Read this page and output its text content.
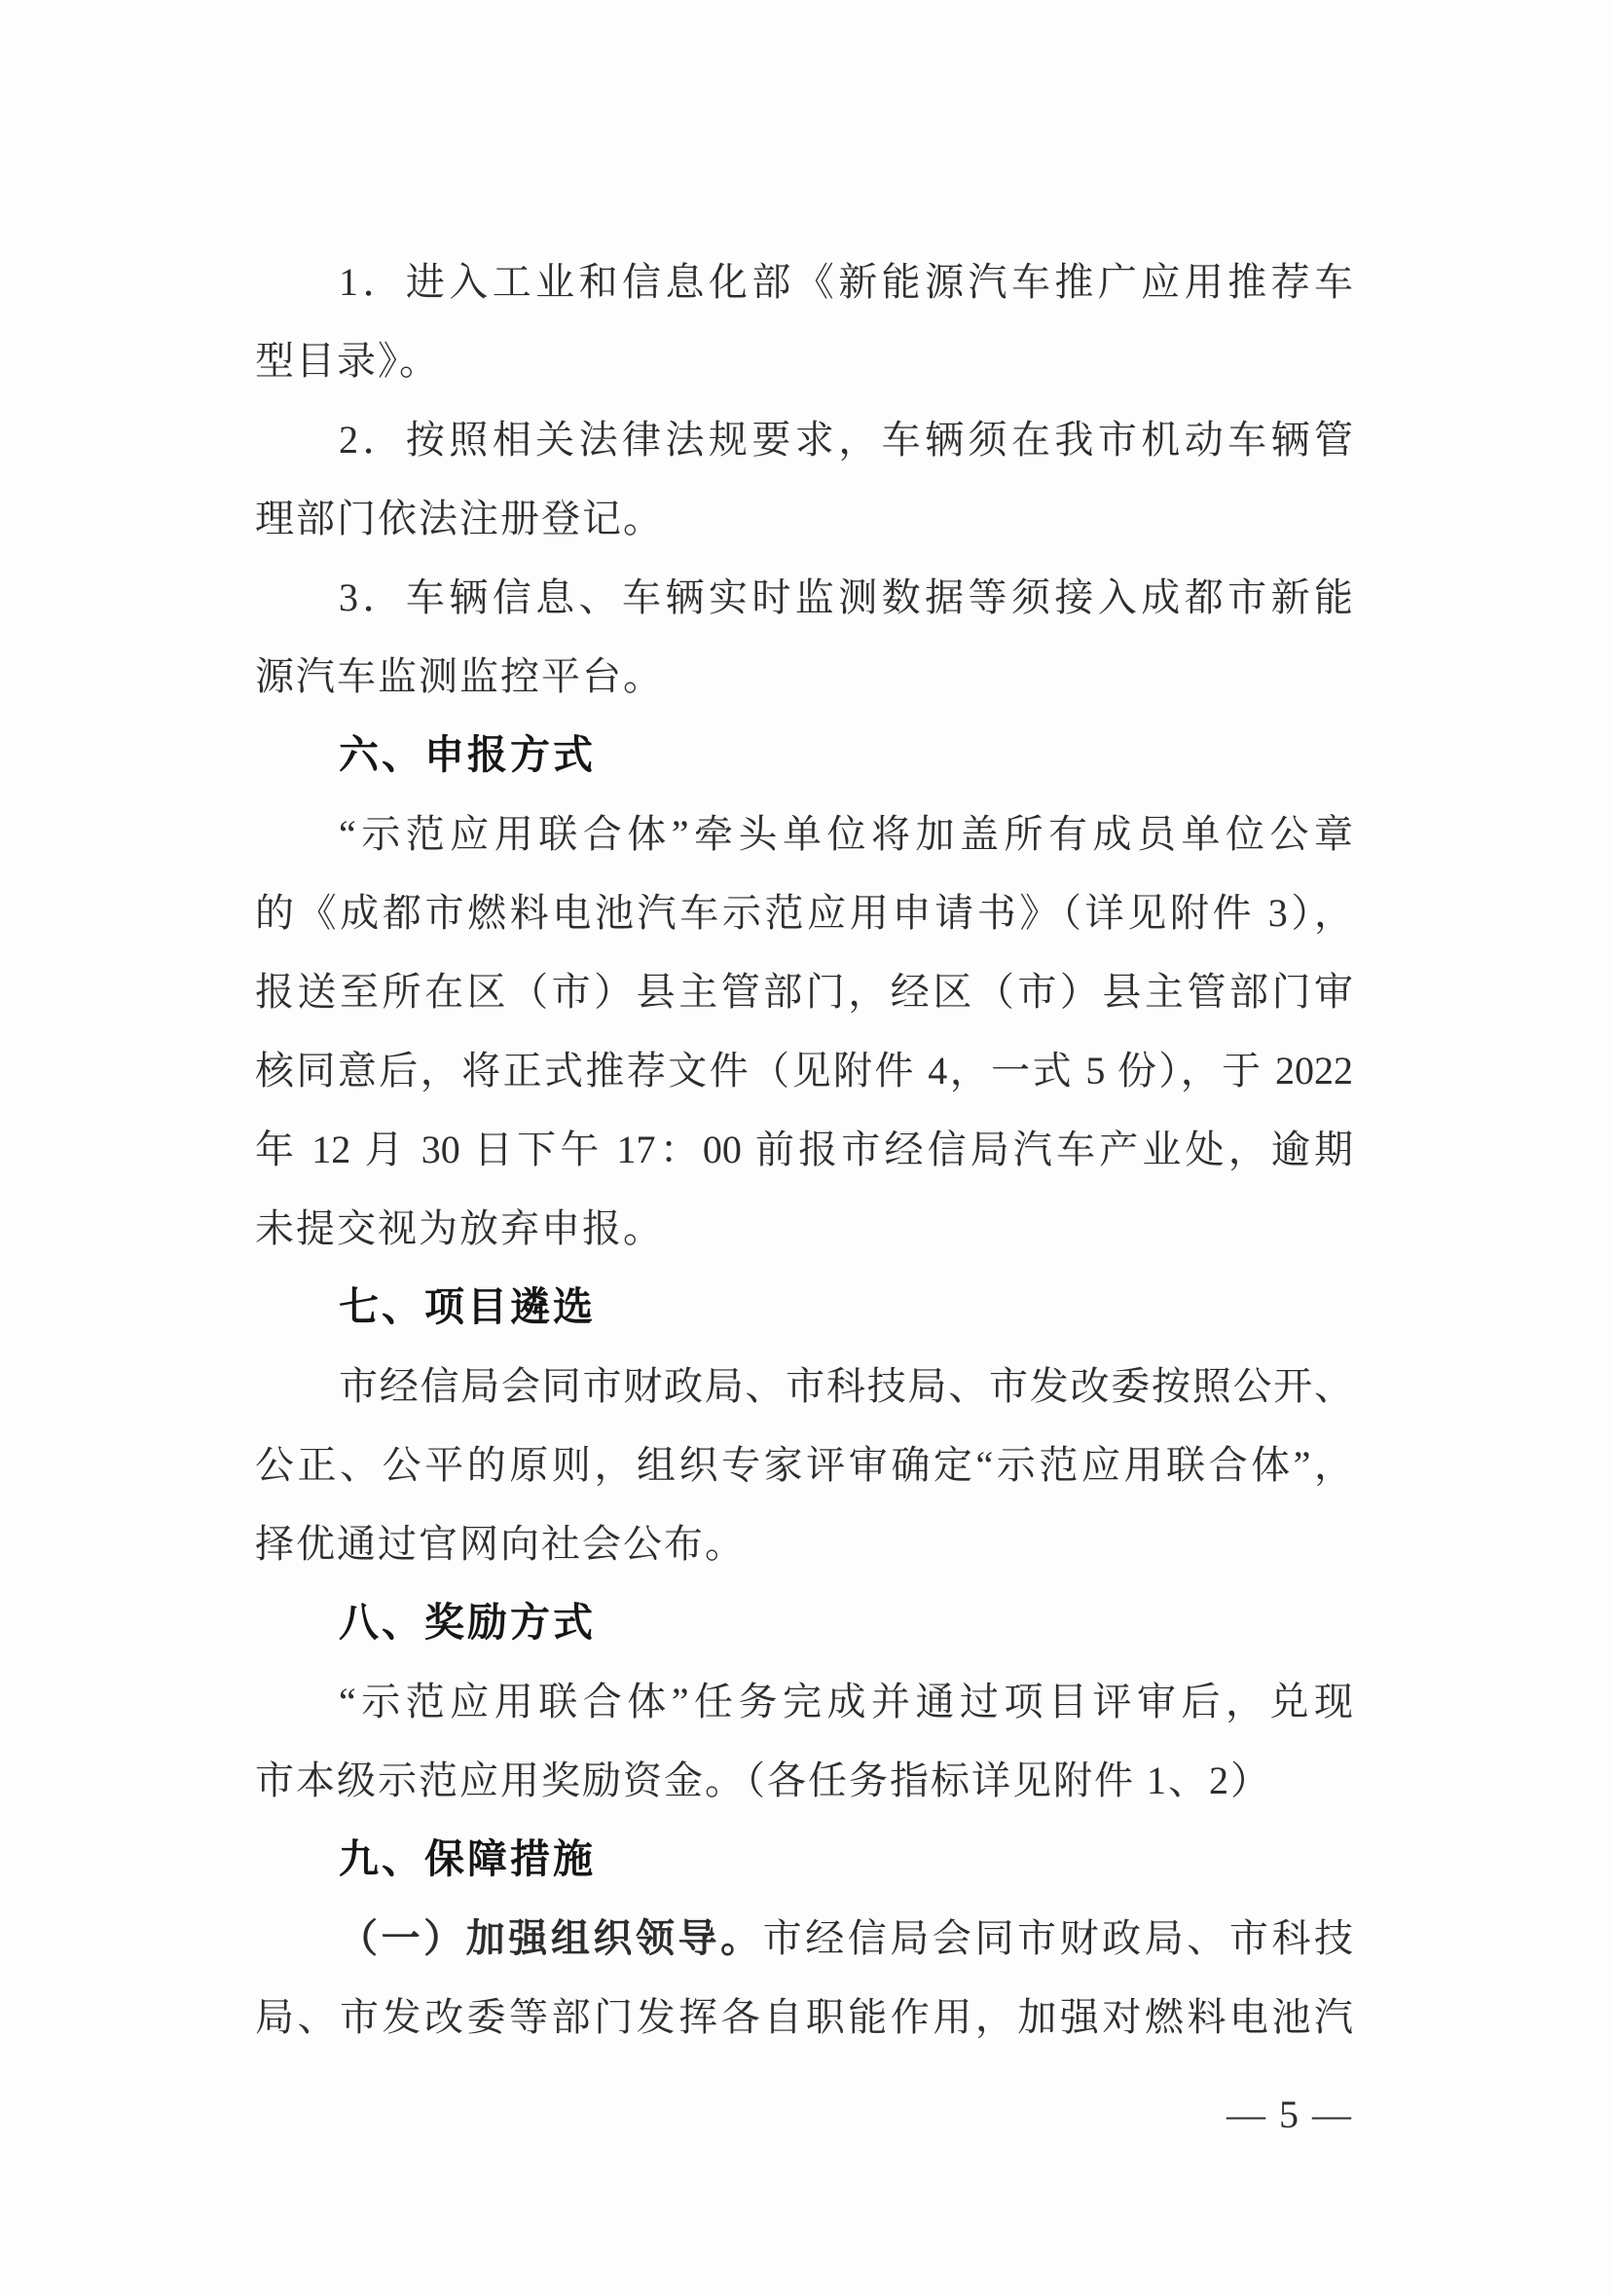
1．进入工业和信息化部《新能源汽车推广应用推荐车
型目录》。
2．按照相关法律法规要求，车辆须在我市机动车辆管
理部门依法注册登记。
3．车辆信息、车辆实时监测数据等须接入成都市新能
源汽车监测监控平台。
六、申报方式
“示范应用联合体”牵头单位将加盖所有成员单位公章
的《成都市燃料电池汽车示范应用申请书》（详见附件 3），
报送至所在区（市）县主管部门，经区（市）县主管部门审
核同意后，将正式推荐文件（见附件 4，一式 5 份），于 2022
年 12 月 30 日下午 17：00 前报市经信局汽车产业处，逾期
未提交视为放弃申报。
七、项目遴选
市经信局会同市财政局、市科技局、市发改委按照公开、
公正、公平的原则，组织专家评审确定“示范应用联合体”，
择优通过官网向社会公布。
八、奖励方式
“示范应用联合体”任务完成并通过项目评审后，兑现
市本级示范应用奖励资金。（各任务指标详见附件 1、2）
九、保障措施
（一）加强组织领导。市经信局会同市财政局、市科技
局、市发改委等部门发挥各自职能作用，加强对燃料电池汽
— 5 —
